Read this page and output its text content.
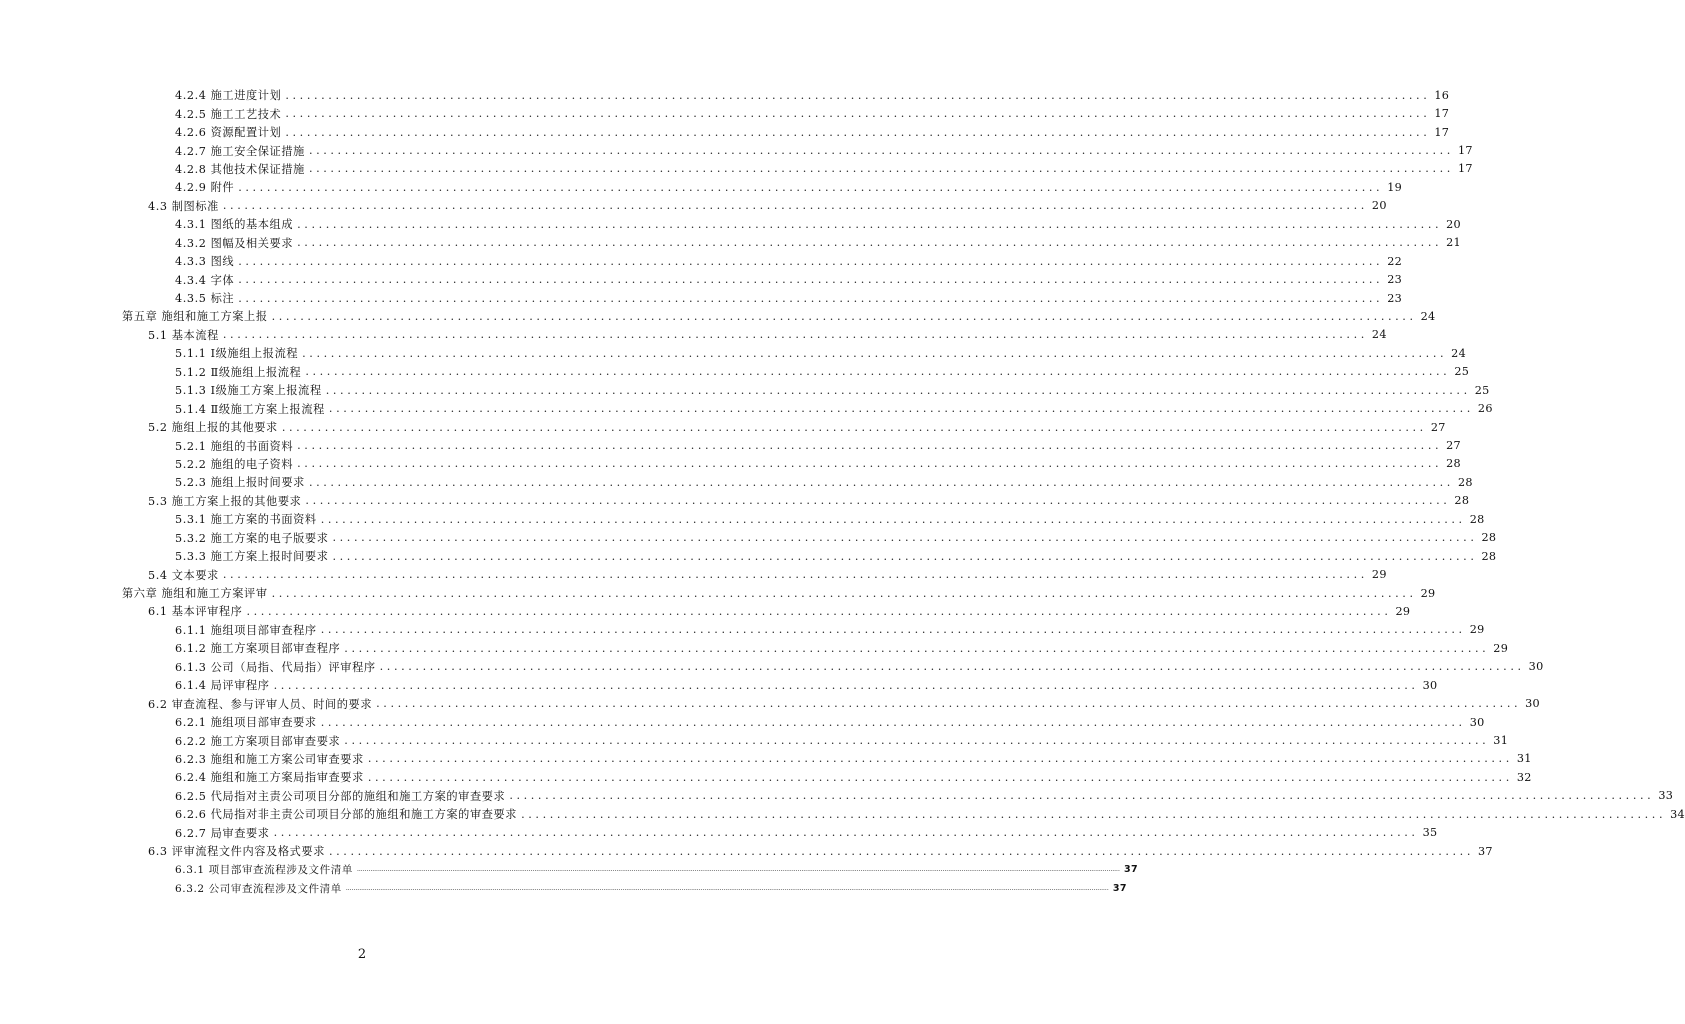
4.2.4 施工进度计划 ................................................................................................................................................................ 16
4.2.5 施工工艺技术 ................................................................................................................................................................ 17
4.2.6 资源配置计划 ................................................................................................................................................................ 17
4.2.7 施工安全保证措施 ................................................................................................................................................................ 17
4.2.8 其他技术保证措施 ................................................................................................................................................................ 17
4.2.9 附件 ................................................................................................................................................................ 19
4.3 制图标准 ................................................................................................................................................................ 20
4.3.1 图纸的基本组成 ................................................................................................................................................................ 20
4.3.2 图幅及相关要求 ................................................................................................................................................................ 21
4.3.3 图线 ................................................................................................................................................................ 22
4.3.4 字体 ................................................................................................................................................................ 23
4.3.5 标注 ................................................................................................................................................................ 23
第五章 施组和施工方案上报 ................................................................................................................................................................ 24
5.1 基本流程 ................................................................................................................................................................ 24
5.1.1 Ⅰ级施组上报流程 ................................................................................................................................................................ 24
5.1.2 Ⅱ级施组上报流程 ................................................................................................................................................................ 25
5.1.3 Ⅰ级施工方案上报流程 ................................................................................................................................................................ 25
5.1.4 Ⅱ级施工方案上报流程 ................................................................................................................................................................ 26
5.2 施组上报的其他要求 ................................................................................................................................................................ 27
5.2.1 施组的书面资料 ................................................................................................................................................................ 27
5.2.2 施组的电子资料 ................................................................................................................................................................ 28
5.2.3 施组上报时间要求 ................................................................................................................................................................ 28
5.3 施工方案上报的其他要求 ................................................................................................................................................................ 28
5.3.1 施工方案的书面资料 ................................................................................................................................................................ 28
5.3.2 施工方案的电子版要求 ................................................................................................................................................................ 28
5.3.3 施工方案上报时间要求 ................................................................................................................................................................ 28
5.4 文本要求 ................................................................................................................................................................ 29
第六章 施组和施工方案评审 ................................................................................................................................................................ 29
6.1 基本评审程序 ................................................................................................................................................................ 29
6.1.1 施组项目部审查程序 ................................................................................................................................................................ 29
6.1.2 施工方案项目部审查程序 ................................................................................................................................................................ 29
6.1.3 公司（局指、代局指）评审程序 ................................................................................................................................................................ 30
6.1.4 局评审程序 ................................................................................................................................................................ 30
6.2 审查流程、参与评审人员、时间的要求 ................................................................................................................................................................ 30
6.2.1 施组项目部审查要求 ................................................................................................................................................................ 30
6.2.2 施工方案项目部审查要求 ................................................................................................................................................................ 31
6.2.3 施组和施工方案公司审查要求 ................................................................................................................................................................ 31
6.2.4 施组和施工方案局指审查要求 ................................................................................................................................................................ 32
6.2.5 代局指对主责公司项目分部的施组和施工方案的审查要求 ................................................................................................................................................................ 33
6.2.6 代局指对非主责公司项目分部的施组和施工方案的审查要求 ................................................................................................................................................................ 34
6.2.7 局审查要求 ................................................................................................................................................................ 35
6.3 评审流程文件内容及格式要求 ................................................................................................................................................................ 37
6.3.1 项目部审查流程涉及文件清单 ................................................................................................................................................................................................................................................................................................................................................................................................................ 37
6.3.2 公司审查流程涉及文件清单 ................................................................................................................................................................................................................................................................................................................................................................................................................ 37
2
